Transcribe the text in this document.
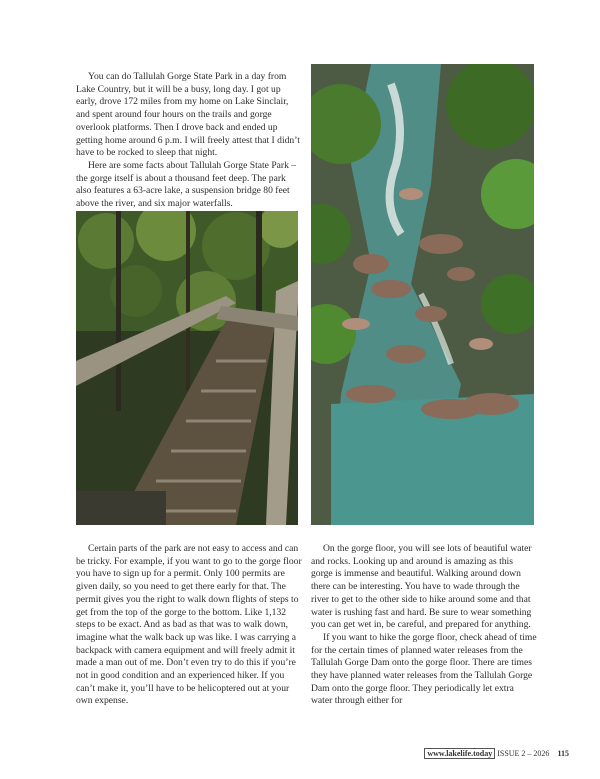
You can do Tallulah Gorge State Park in a day from Lake Country, but it will be a busy, long day. I got up early, drove 172 miles from my home on Lake Sinclair, and spent around four hours on the trails and gorge overlook platforms. Then I drove back and ended up getting home around 6 p.m. I will freely attest that I didn’t have to be rocked to sleep that night.

Here are some facts about Tallulah Gorge State Park – the gorge itself is about a thousand feet deep. The park also features a 63-acre lake, a suspension bridge 80 feet above the river, and six major waterfalls.

Certain parts of the park are not easy to access and can be tricky. For example, if you want to go to the gorge floor you have to sign up for a permit. Only 100 permits are given daily, so you need to get there early for that. The permit gives you the right to walk down flights of steps to get from the top of the gorge to the bottom. Like 1,132 steps to be exact. And as bad as that was to walk down, imagine what the walk back up was like. I was carrying a backpack with camera equipment and will freely admit it made a man out of me. Don’t even try to do this if you’re not in good condition and an experienced hiker. If you can’t make it, you’ll have to be helicoptered out at your own expense.

On the gorge floor, you will see lots of beautiful water and rocks. Looking up and around is amazing as this gorge is immense and beautiful. Walking around down there can be interesting. You have to wade through the river to get to the other side to hike around some and that water is rushing fast and hard. Be sure to wear something you can get wet in, be careful, and prepared for anything.

If you want to hike the gorge floor, check ahead of time for the certain times of planned water releases from the Tallulah Gorge Dam onto the gorge floor. There are times they have planned water releases from the Tallulah Gorge Dam onto the gorge floor. They periodically let extra water through either for

www.lakelife.today ISSUE 2 – 2026 115
